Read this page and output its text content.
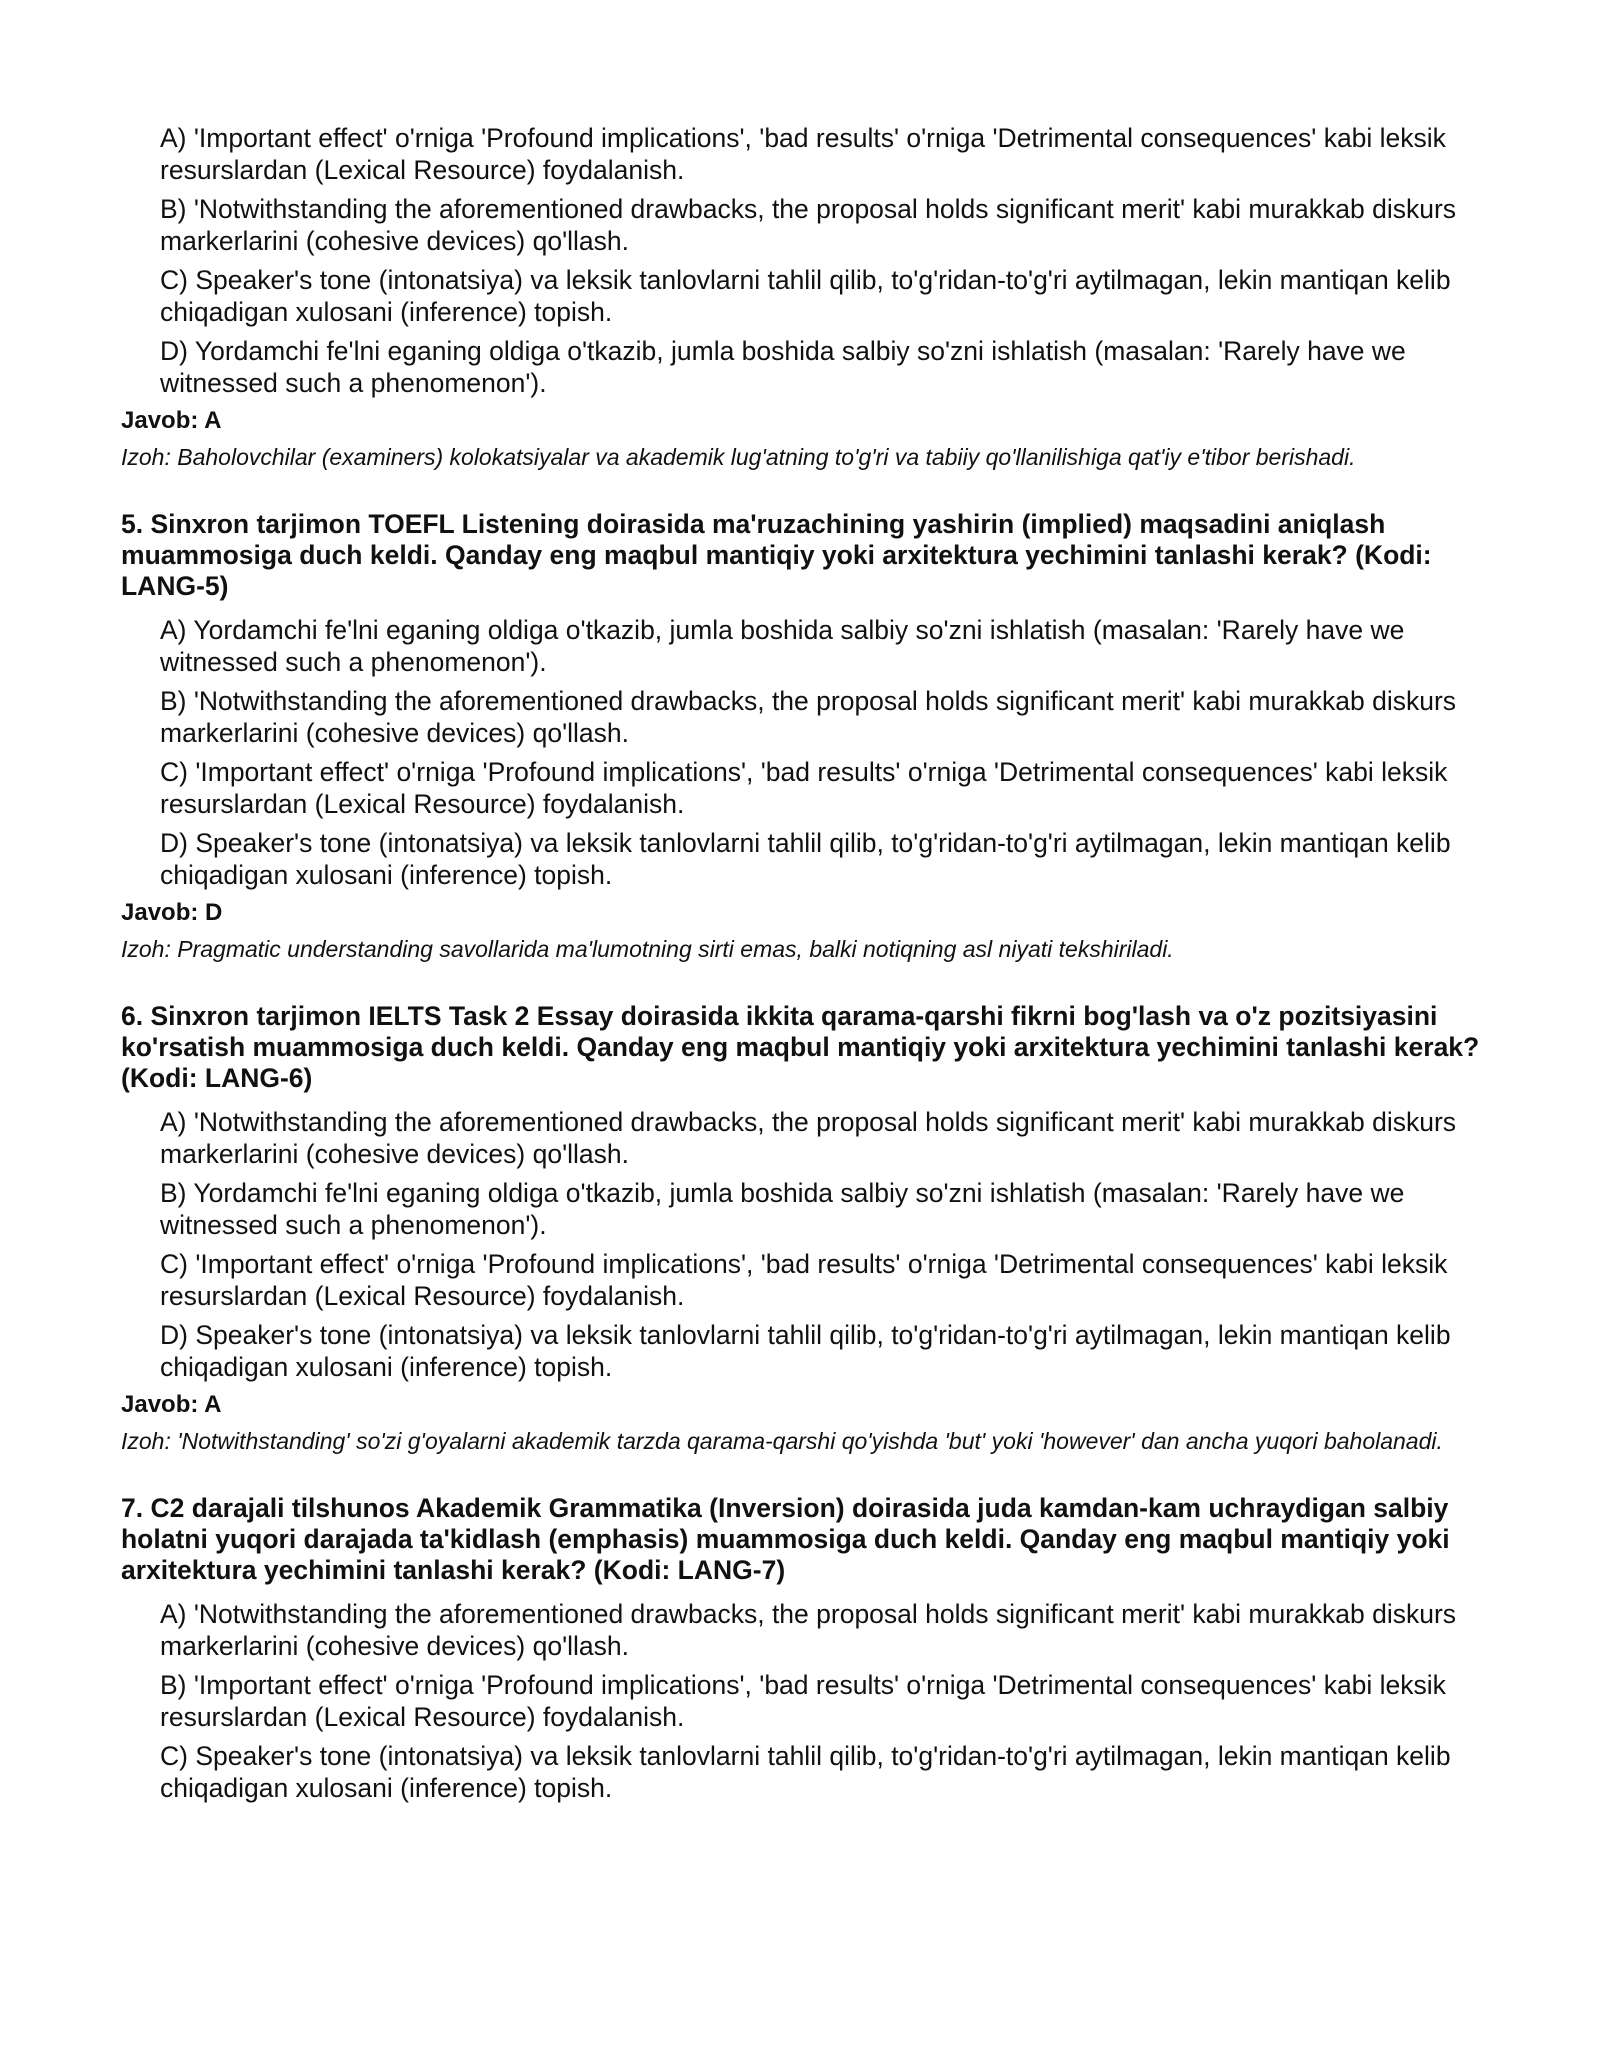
A) 'Important effect' o'rniga 'Profound implications', 'bad results' o'rniga 'Detrimental consequences' kabi leksik resurslardan (Lexical Resource) foydalanish.
B) 'Notwithstanding the aforementioned drawbacks, the proposal holds significant merit' kabi murakkab diskurs markerlarini (cohesive devices) qo'llash.
C) Speaker's tone (intonatsiya) va leksik tanlovlarni tahlil qilib, to'g'ridan-to'g'ri aytilmagan, lekin mantiqan kelib chiqadigan xulosani (inference) topish.
D) Yordamchi fe'lni eganing oldiga o'tkazib, jumla boshida salbiy so'zni ishlatish (masalan: 'Rarely have we witnessed such a phenomenon').
Javob: A
Izoh: Baholovchilar (examiners) kolokatsiyalar va akademik lug'atning to'g'ri va tabiiy qo'llanilishiga qat'iy e'tibor berishadi.
5. Sinxron tarjimon TOEFL Listening doirasida ma'ruzachining yashirin (implied) maqsadini aniqlash muammosiga duch keldi. Qanday eng maqbul mantiqiy yoki arxitektura yechimini tanlashi kerak? (Kodi: LANG-5)
A) Yordamchi fe'lni eganing oldiga o'tkazib, jumla boshida salbiy so'zni ishlatish (masalan: 'Rarely have we witnessed such a phenomenon').
B) 'Notwithstanding the aforementioned drawbacks, the proposal holds significant merit' kabi murakkab diskurs markerlarini (cohesive devices) qo'llash.
C) 'Important effect' o'rniga 'Profound implications', 'bad results' o'rniga 'Detrimental consequences' kabi leksik resurslardan (Lexical Resource) foydalanish.
D) Speaker's tone (intonatsiya) va leksik tanlovlarni tahlil qilib, to'g'ridan-to'g'ri aytilmagan, lekin mantiqan kelib chiqadigan xulosani (inference) topish.
Javob: D
Izoh: Pragmatic understanding savollarida ma'lumotning sirti emas, balki notiqning asl niyati tekshiriladi.
6. Sinxron tarjimon IELTS Task 2 Essay doirasida ikkita qarama-qarshi fikrni bog'lash va o'z pozitsiyasini ko'rsatish muammosiga duch keldi. Qanday eng maqbul mantiqiy yoki arxitektura yechimini tanlashi kerak? (Kodi: LANG-6)
A) 'Notwithstanding the aforementioned drawbacks, the proposal holds significant merit' kabi murakkab diskurs markerlarini (cohesive devices) qo'llash.
B) Yordamchi fe'lni eganing oldiga o'tkazib, jumla boshida salbiy so'zni ishlatish (masalan: 'Rarely have we witnessed such a phenomenon').
C) 'Important effect' o'rniga 'Profound implications', 'bad results' o'rniga 'Detrimental consequences' kabi leksik resurslardan (Lexical Resource) foydalanish.
D) Speaker's tone (intonatsiya) va leksik tanlovlarni tahlil qilib, to'g'ridan-to'g'ri aytilmagan, lekin mantiqan kelib chiqadigan xulosani (inference) topish.
Javob: A
Izoh: 'Notwithstanding' so'zi g'oyalarni akademik tarzda qarama-qarshi qo'yishda 'but' yoki 'however' dan ancha yuqori baholanadi.
7. C2 darajali tilshunos Akademik Grammatika (Inversion) doirasida juda kamdan-kam uchraydigan salbiy holatni yuqori darajada ta'kidlash (emphasis) muammosiga duch keldi. Qanday eng maqbul mantiqiy yoki arxitektura yechimini tanlashi kerak? (Kodi: LANG-7)
A) 'Notwithstanding the aforementioned drawbacks, the proposal holds significant merit' kabi murakkab diskurs markerlarini (cohesive devices) qo'llash.
B) 'Important effect' o'rniga 'Profound implications', 'bad results' o'rniga 'Detrimental consequences' kabi leksik resurslardan (Lexical Resource) foydalanish.
C) Speaker's tone (intonatsiya) va leksik tanlovlarni tahlil qilib, to'g'ridan-to'g'ri aytilmagan, lekin mantiqan kelib chiqadigan xulosani (inference) topish.
